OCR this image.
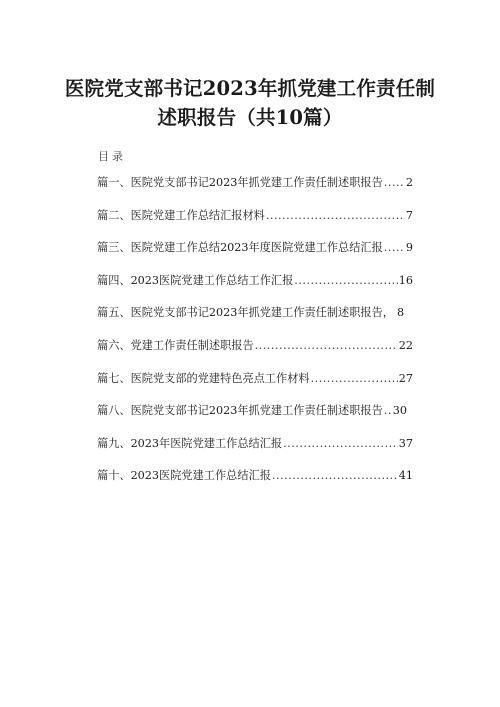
医院党支部书记2023年抓党建工作责任制
述职报告（共10篇）
目录
篇一、医院党支部书记2023年抓党建工作责任制述职报告 ..... 2
篇二、医院党建工作总结汇报材料 .....	7
篇三、医院党建工作总结2023年度医院党建工作总结汇报 ..... 9
篇四、2023医院党建工作总结工作汇报 .....	16
篇五、医院党支部书记2023年抓党建工作责任制述职报告， 8
篇六、党建工作责任制述职报告 .....	22
篇七、医院党支部的党建特色亮点工作材料 .....	27
篇八、医院党支部书记2023年抓党建工作责任制述职报告 ..... 30
篇九、2023年医院党建工作总结汇报 .....	37
篇十、2023医院党建工作总结汇报 .....	41
